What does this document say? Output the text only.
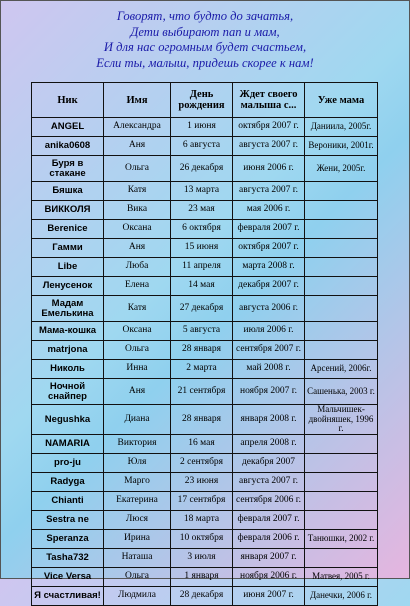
Говорят, что будто до зачатья,
Дети выбирают пап и мам,
И для нас огромным будет счастьем,
Если ты, малыш, придешь скорее к нам!
Ник	Имя	День рождения	Ждет своего малыша с...	Уже мама
ANGEL	Александра	1 июня	октября 2007 г.	Даниила, 2005г.
anika0608	Аня	6 августа	августа 2007 г.	Вероники, 2001г.
Буря в стакане	Ольга	26 декабря	июня 2006 г.	Жени, 2005г.
Бяшка	Катя	13 марта	августа 2007 г.	
ВИККОЛЯ	Вика	23 мая	мая 2006 г.	
Berenice	Оксана	6 октября	февраля 2007 г.	
Гамми	Аня	15 июня	октября 2007 г.	
Libe	Люба	11 апреля	марта 2008 г.	
Ленусенок	Елена	14 мая	декабря 2007 г.	
Мадам Емелькина	Катя	27 декабря	августа 2006 г.	
Мама-кошка	Оксана	5 августа	июля 2006 г.	
matrjona	Ольга	28 января	сентября 2007 г.	
Николь	Инна	2 марта	май 2008 г.	Арсений, 2006г.
Ночной снайпер	Аня	21 сентября	ноября 2007 г.	Сашенька, 2003 г.
Negushka	Диана	28 января	января 2008 г.	Мальчишек-двойняшек, 1996 г.
NAMARIA	Виктория	16 мая	апреля 2008 г.	
pro-ju	Юля	2 сентября	декабря 2007	
Radyga	Марго	23 июня	августа 2007 г.	
Chianti	Екатерина	17 сентября	сентября 2006 г.	
Sestra ne	Люся	18 марта	февраля 2007 г.	
Speranza	Ирина	10 октября	февраля 2006 г.	Танюшки, 2002 г.
Tasha732	Наташа	3 июля	января 2007 г.	
Vice Versa	Ольга	1 января	ноября 2006 г.	Матвея, 2005 г.
Я счастливая!	Людмила	28 декабря	июня 2007 г.	Данечки, 2006 г.
